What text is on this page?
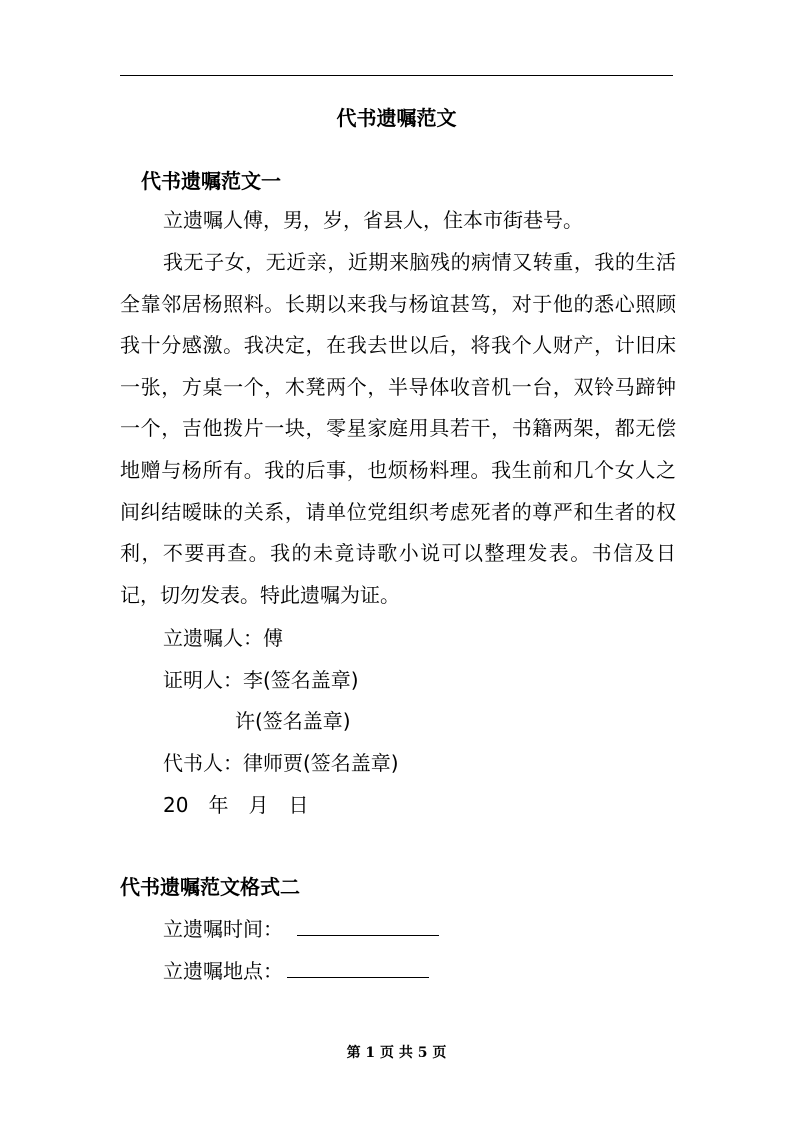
代书遗嘱范文
代书遗嘱范文一

立遗嘱人傅，男，岁，省县人，住本市街巷号。

我无子女，无近亲，近期来脑残的病情又转重，我的生活全靠邻居杨照料。长期以来我与杨谊甚笃，对于他的悉心照顾我十分感激。我决定，在我去世以后，将我个人财产，计旧床一张，方桌一个，木凳两个，半导体收音机一台，双铃马蹄钟一个，吉他拨片一块，零星家庭用具若干，书籍两架，都无偿地赠与杨所有。我的后事，也烦杨料理。我生前和几个女人之间纠结暧昧的关系，请单位党组织考虑死者的尊严和生者的权利，不要再查。我的未竟诗歌小说可以整理发表。书信及日记，切勿发表。特此遗嘱为证。

立遗嘱人：傅
证明人：李(签名盖章)
许(签名盖章)
代书人：律师贾(签名盖章)
20　年　月　日
代书遗嘱范文格式二
立遗嘱时间：
立遗嘱地点：
第 1 页 共 5 页
